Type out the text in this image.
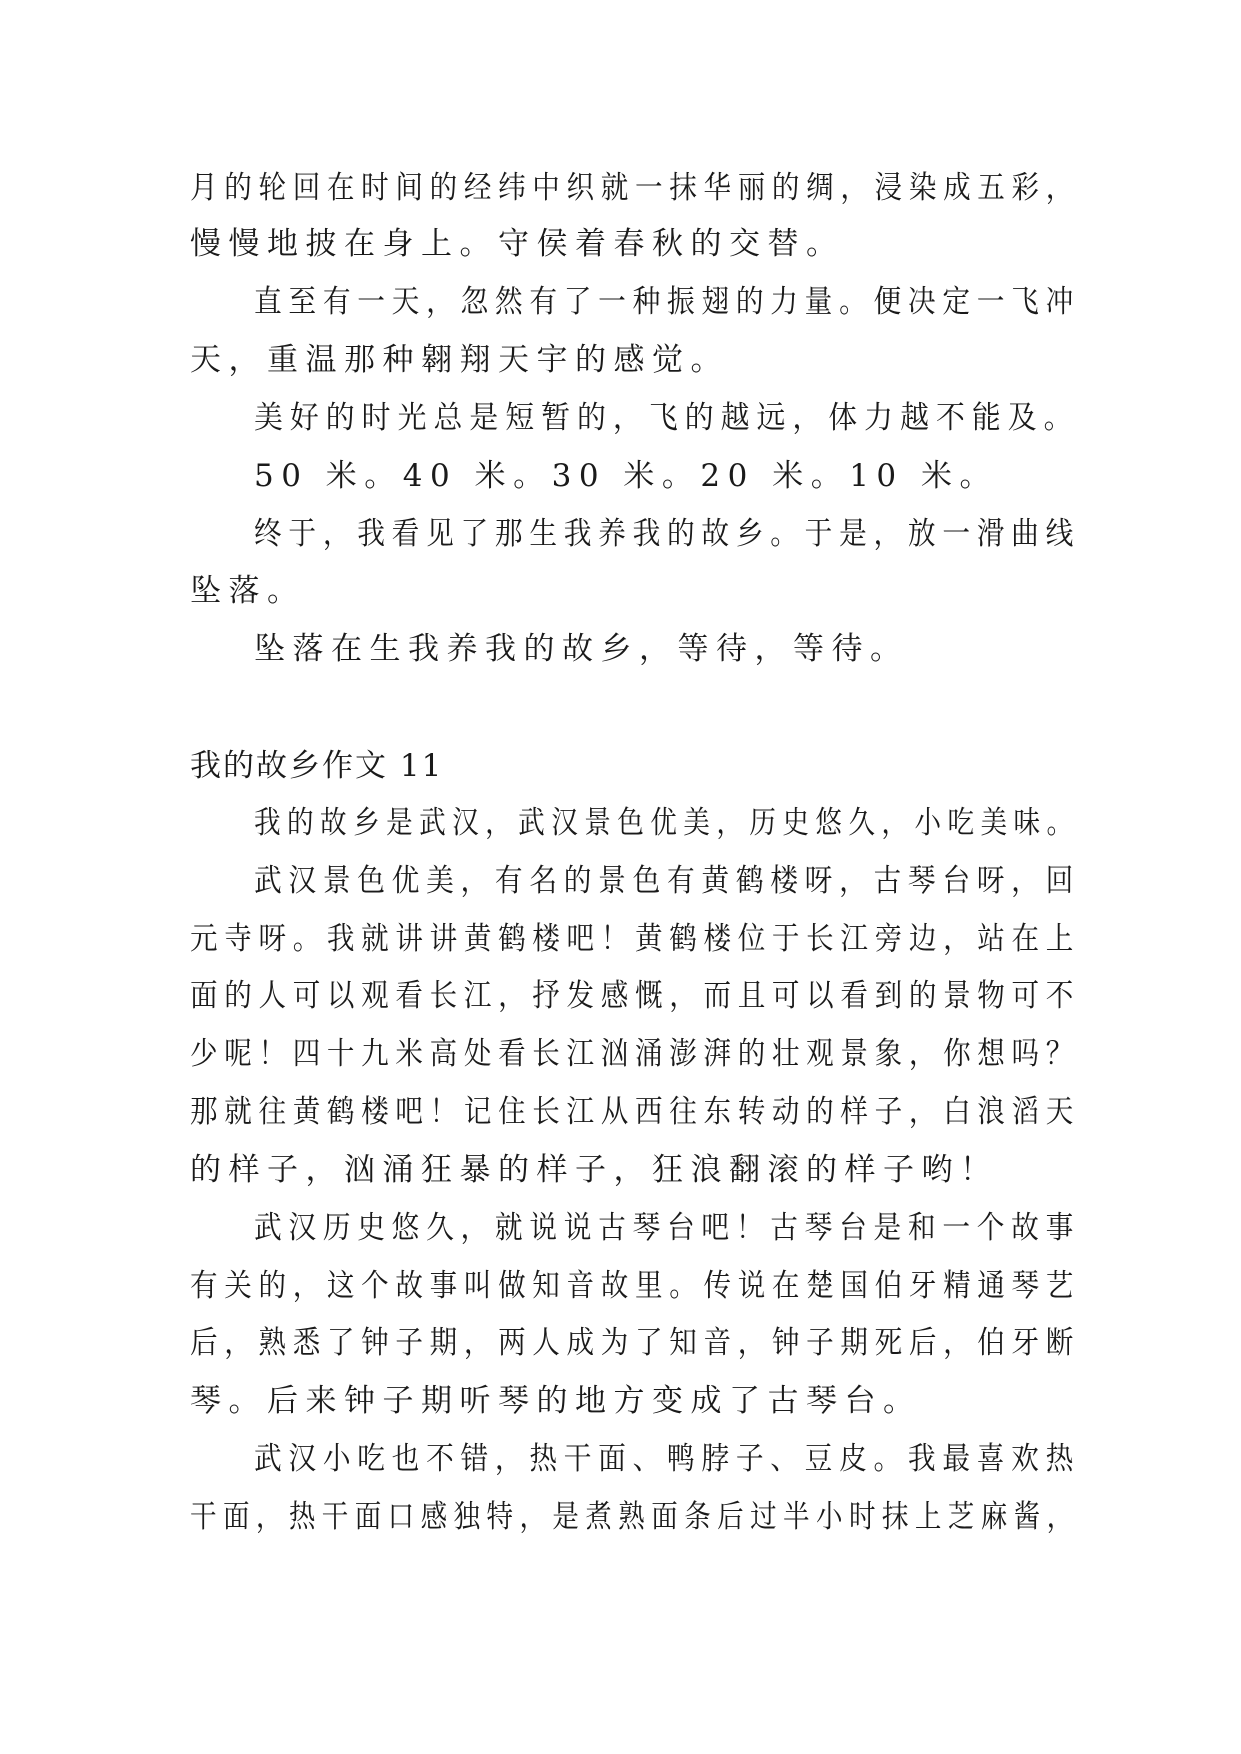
月的轮回在时间的经纬中织就一抹华丽的绸，浸染成五彩，
慢慢地披在身上。守侯着春秋的交替。
直至有一天，忽然有了一种振翅的力量。便决定一飞冲
天，重温那种翱翔天宇的感觉。
美好的时光总是短暂的，飞的越远，体力越不能及。
50 米。40 米。30 米。20 米。10 米。
终于，我看见了那生我养我的故乡。于是，放一滑曲线
坠落。
坠落在生我养我的故乡，等待，等待。
我的故乡作文 11
我的故乡是武汉，武汉景色优美，历史悠久，小吃美味。
武汉景色优美，有名的景色有黄鹤楼呀，古琴台呀，回
元寺呀。我就讲讲黄鹤楼吧！黄鹤楼位于长江旁边，站在上
面的人可以观看长江，抒发感慨，而且可以看到的景物可不
少呢！四十九米高处看长江汹涌澎湃的壮观景象，你想吗？
那就往黄鹤楼吧！记住长江从西往东转动的样子，白浪滔天
的样子，汹涌狂暴的样子，狂浪翻滚的样子哟！
武汉历史悠久，就说说古琴台吧！古琴台是和一个故事
有关的，这个故事叫做知音故里。传说在楚国伯牙精通琴艺
后，熟悉了钟子期，两人成为了知音，钟子期死后，伯牙断
琴。后来钟子期听琴的地方变成了古琴台。
武汉小吃也不错，热干面、鸭脖子、豆皮。我最喜欢热
干面，热干面口感独特，是煮熟面条后过半小时抹上芝麻酱，
